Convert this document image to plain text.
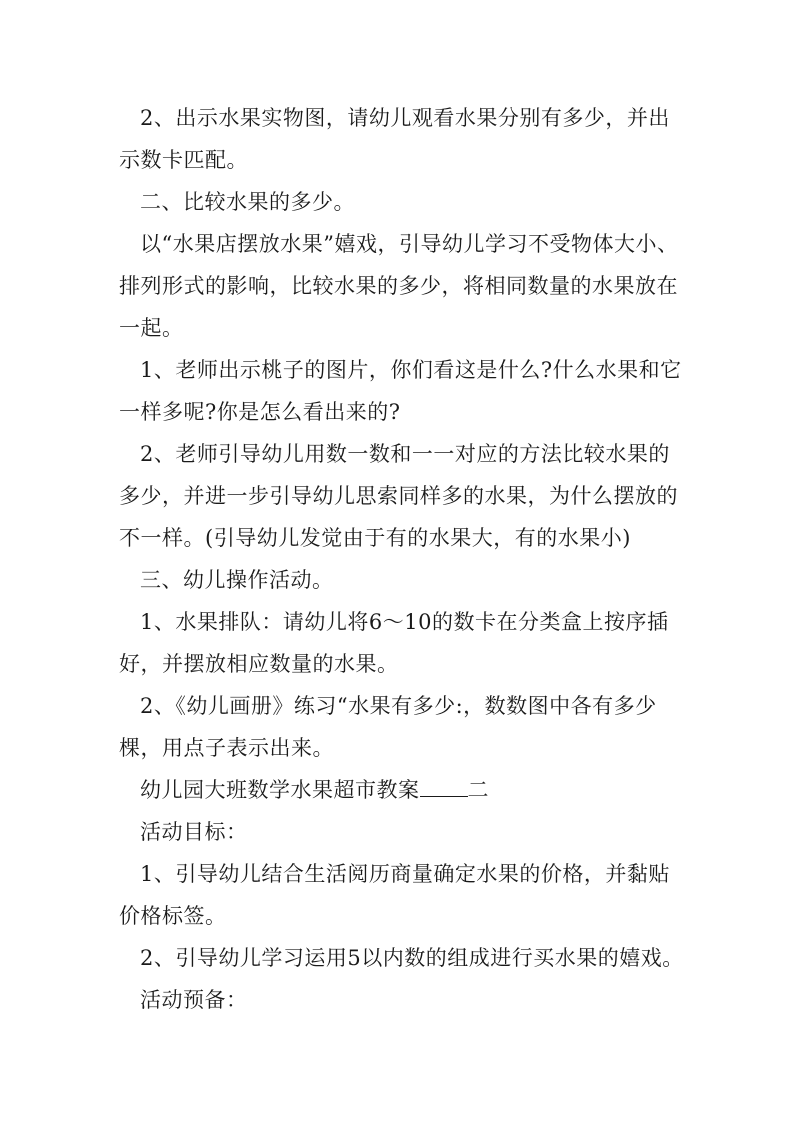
2、出示水果实物图，请幼儿观看水果分别有多少，并出
示数卡匹配。
二、比较水果的多少。
以“水果店摆放水果”嬉戏，引导幼儿学习不受物体大小、
排列形式的影响，比较水果的多少，将相同数量的水果放在
一起。
1、老师出示桃子的图片，你们看这是什么?什么水果和它
一样多呢?你是怎么看出来的?
2、老师引导幼儿用数一数和一一对应的方法比较水果的
多少，并进一步引导幼儿思索同样多的水果，为什么摆放的
不一样。(引导幼儿发觉由于有的水果大，有的水果小)
三、幼儿操作活动。
1、水果排队：请幼儿将6～10的数卡在分类盒上按序插
好，并摆放相应数量的水果。
2、《幼儿画册》练习“水果有多少:，数数图中各有多少
棵，用点子表示出来。
幼儿园大班数学水果超市教案 二
活动目标：
1、引导幼儿结合生活阅历商量确定水果的价格，并黏贴
价格标签。
2、引导幼儿学习运用5以内数的组成进行买水果的嬉戏。
活动预备：
